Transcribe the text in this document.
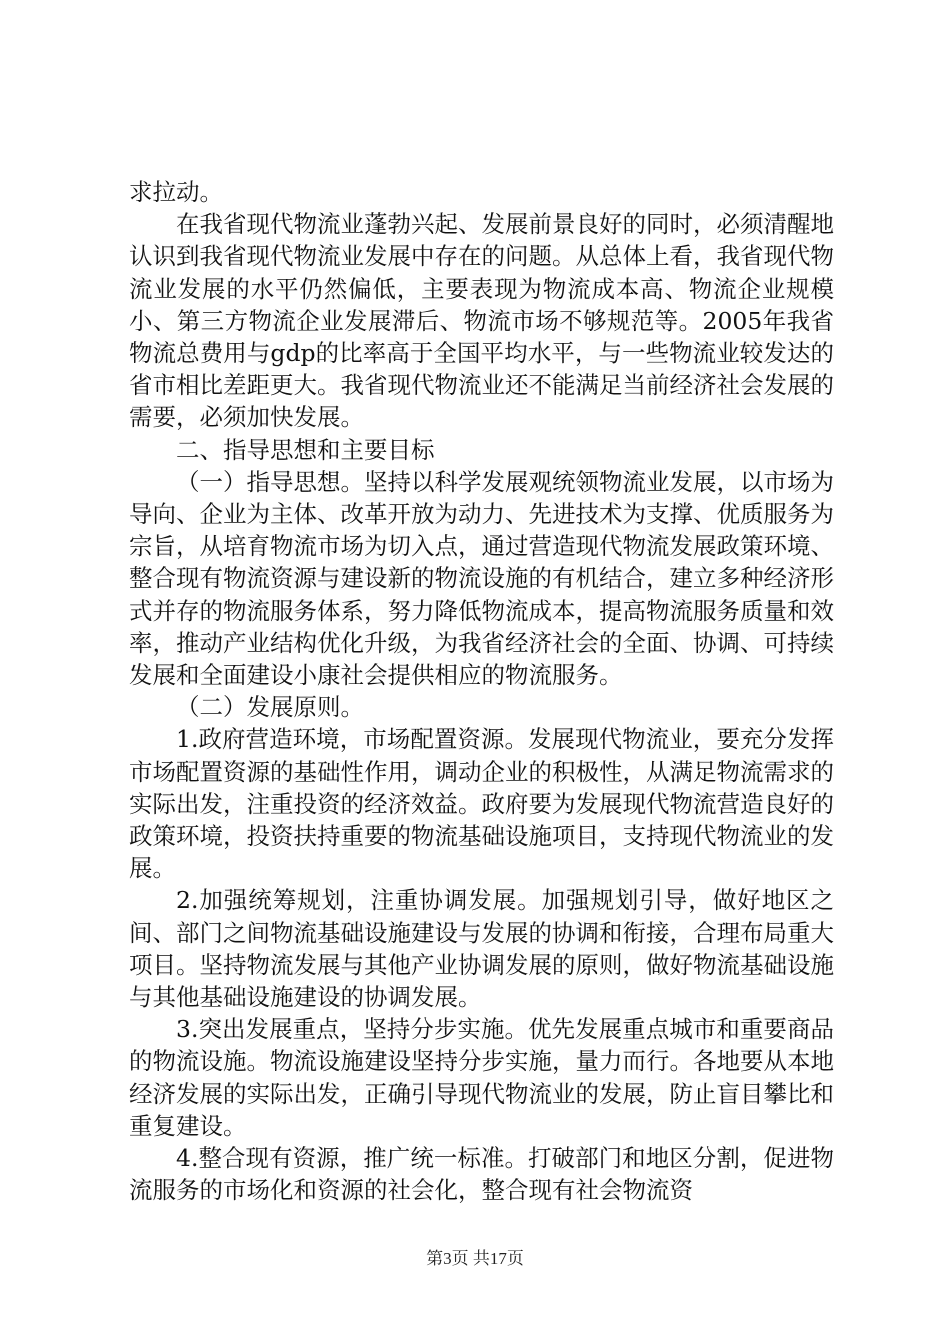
求拉动。

在我省现代物流业蓬勃兴起、发展前景良好的同时，必须清醒地认识到我省现代物流业发展中存在的问题。从总体上看，我省现代物流业发展的水平仍然偏低，主要表现为物流成本高、物流企业规模小、第三方物流企业发展滞后、物流市场不够规范等。2005年我省物流总费用与gdp的比率高于全国平均水平，与一些物流业较发达的省市相比差距更大。我省现代物流业还不能满足当前经济社会发展的需要，必须加快发展。

二、指导思想和主要目标

（一）指导思想。坚持以科学发展观统领物流业发展，以市场为导向、企业为主体、改革开放为动力、先进技术为支撑、优质服务为宗旨，从培育物流市场为切入点，通过营造现代物流发展政策环境、整合现有物流资源与建设新的物流设施的有机结合，建立多种经济形式并存的物流服务体系，努力降低物流成本，提高物流服务质量和效率，推动产业结构优化升级，为我省经济社会的全面、协调、可持续发展和全面建设小康社会提供相应的物流服务。

（二）发展原则。

1.政府营造环境，市场配置资源。发展现代物流业，要充分发挥市场配置资源的基础性作用，调动企业的积极性，从满足物流需求的实际出发，注重投资的经济效益。政府要为发展现代物流营造良好的政策环境，投资扶持重要的物流基础设施项目，支持现代物流业的发展。

2.加强统筹规划，注重协调发展。加强规划引导，做好地区之间、部门之间物流基础设施建设与发展的协调和衔接，合理布局重大项目。坚持物流发展与其他产业协调发展的原则，做好物流基础设施与其他基础设施建设的协调发展。

3.突出发展重点，坚持分步实施。优先发展重点城市和重要商品的物流设施。物流设施建设坚持分步实施，量力而行。各地要从本地经济发展的实际出发，正确引导现代物流业的发展，防止盲目攀比和重复建设。

4.整合现有资源，推广统一标准。打破部门和地区分割，促进物流服务的市场化和资源的社会化，整合现有社会物流资

第3页 共17页
